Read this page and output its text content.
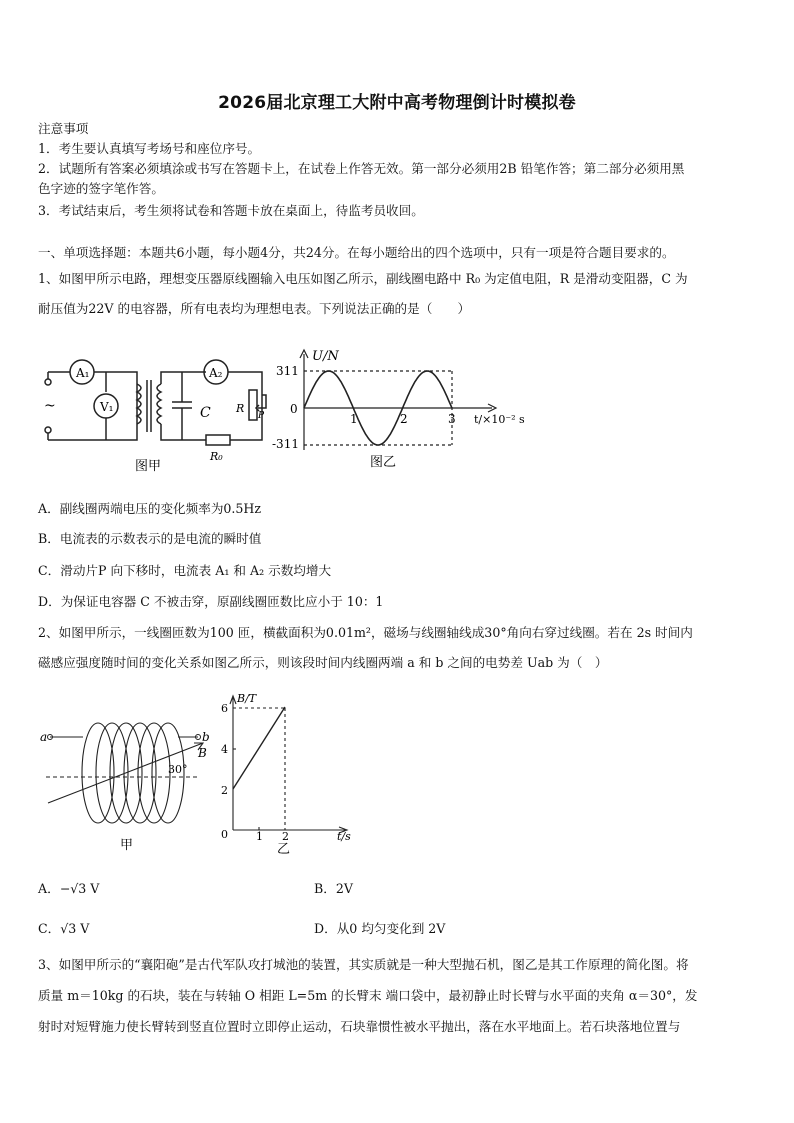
2026届北京理工大附中高考物理倒计时模拟卷
注意事项
1．考生要认真填写考场号和座位序号。
2．试题所有答案必须填涂或书写在答题卡上，在试卷上作答无效。第一部分必须用2B 铅笔作答；第二部分必须用黑
色字迹的签字笔作答。
3．考试结束后，考生须将试卷和答题卡放在桌面上，待监考员收回。
一、单项选择题：本题共6小题，每小题4分，共24分。在每小题给出的四个选项中，只有一项是符合题目要求的。
1、如图甲所示电路，理想变压器原线圈输入电压如图乙所示，副线圈电路中 R₀ 为定值电阻，R 是滑动变阻器，C 为
耐压值为22V 的电容器，所有电表均为理想电表。下列说法正确的是（　　）
~
A₁
V₁
A₂
C R
P
R₀
图甲
U/N
311
0
-311
1	2	3 t/×10⁻² s
图乙
A．副线圈两端电压的变化频率为0.5Hz
B．电流表的示数表示的是电流的瞬时值
C．滑动片P 向下移时，电流表 A₁ 和 A₂ 示数均增大
D．为保证电容器 C 不被击穿，原副线圈匝数比应小于 10：1
2、如图甲所示，一线圈匝数为100 匝，横截面积为0.01m²，磁场与线圈轴线成30°角向右穿过线圈。若在 2s 时间内
磁感应强度随时间的变化关系如图乙所示，则该段时间内线圈两端 a 和 b 之间的电势差 Uab 为（　）
a	b
B
30°
甲
B/T
6
4
2
0	1 2	t/s
乙
A．−√3 V	B．2V
C．√3 V	D．从0 均匀变化到 2V
3、如图甲所示的“襄阳砲”是古代军队攻打城池的装置，其实质就是一种大型抛石机，图乙是其工作原理的简化图。将
质量 m＝10kg 的石块，装在与转轴 O 相距 L=5m 的长臂末 端口袋中，最初静止时长臂与水平面的夹角 α＝30°，发
射时对短臂施力使长臂转到竖直位置时立即停止运动，石块靠惯性被水平抛出，落在水平地面上。若石块落地位置与
